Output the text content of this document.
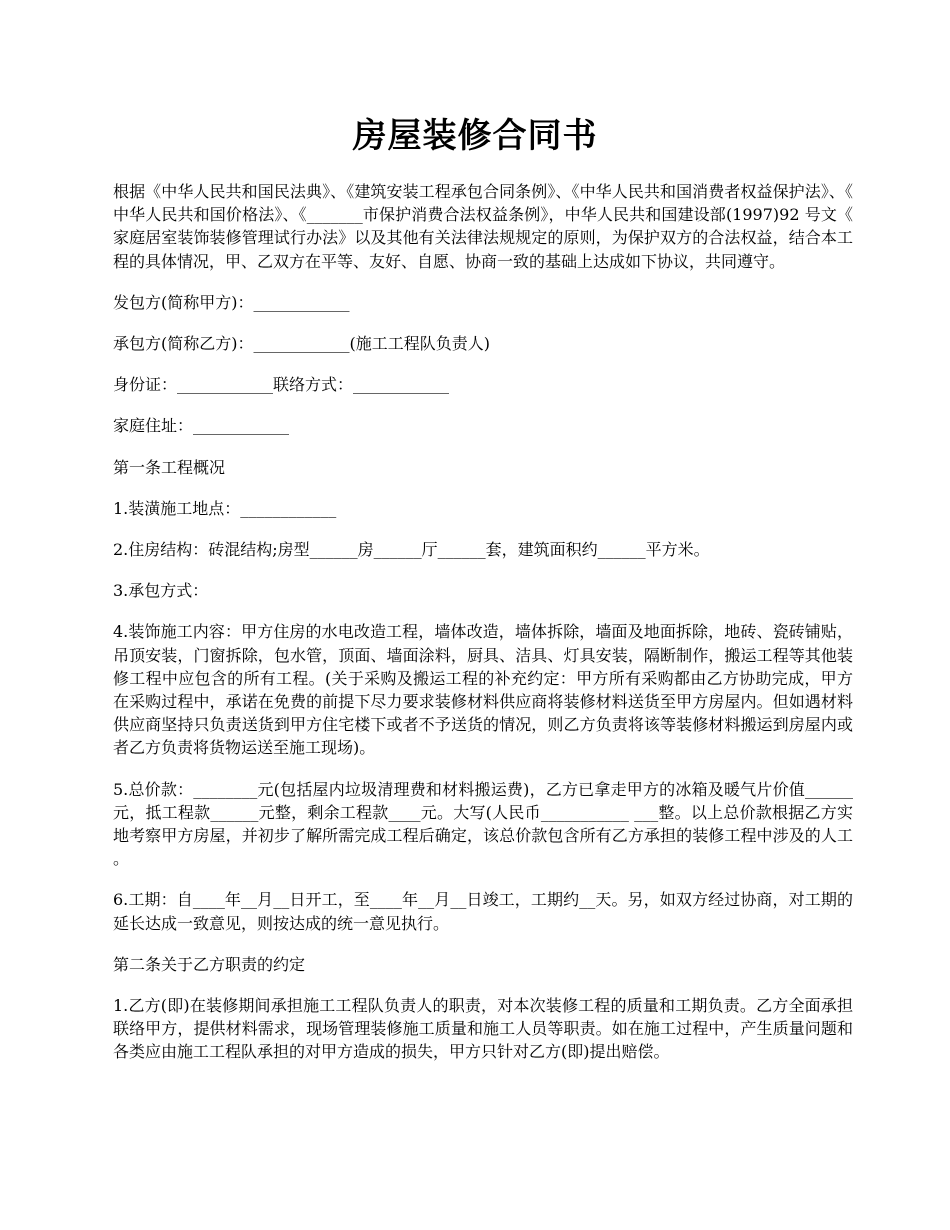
房屋装修合同书

根据《中华人民共和国民法典》、《建筑安装工程承包合同条例》、《中华人民共和国消费者权益保护法》、《中华人民共和国价格法》、《_______市保护消费合法权益条例》，中华人民共和国建设部(1997)92 号文《家庭居室装饰装修管理试行办法》以及其他有关法律法规规定的原则，为保护双方的合法权益，结合本工程的具体情况，甲、乙双方在平等、友好、自愿、协商一致的基础上达成如下协议，共同遵守。

发包方(简称甲方)：____________

承包方(简称乙方)：____________(施工工程队负责人)

身份证：____________联络方式：____________

家庭住址：____________

第一条工程概况

1.装潢施工地点：____________

2.住房结构：砖混结构;房型______房______厅______套，建筑面积约______平方米。

3.承包方式：

4.装饰施工内容：甲方住房的水电改造工程，墙体改造，墙体拆除，墙面及地面拆除，地砖、瓷砖铺贴，吊顶安装，门窗拆除，包水管，顶面、墙面涂料，厨具、洁具、灯具安装，隔断制作，搬运工程等其他装修工程中应包含的所有工程。(关于采购及搬运工程的补充约定：甲方所有采购都由乙方协助完成，甲方在采购过程中，承诺在免费的前提下尽力要求装修材料供应商将装修材料送货至甲方房屋内。但如遇材料供应商坚持只负责送货到甲方住宅楼下或者不予送货的情况，则乙方负责将该等装修材料搬运到房屋内或者乙方负责将货物运送至施工现场)。

5.总价款：________元(包括屋内垃圾清理费和材料搬运费)，乙方已拿走甲方的冰箱及暖气片价值______元，抵工程款______元整，剩余工程款____元。大写(人民币___________ ___整。以上总价款根据乙方实地考察甲方房屋，并初步了解所需完成工程后确定，该总价款包含所有乙方承担的装修工程中涉及的人工。

6.工期：自____年__月__日开工，至____年__月__日竣工，工期约__天。另，如双方经过协商，对工期的延长达成一致意见，则按达成的统一意见执行。

第二条关于乙方职责的约定

1.乙方(即)在装修期间承担施工工程队负责人的职责，对本次装修工程的质量和工期负责。乙方全面承担联络甲方，提供材料需求，现场管理装修施工质量和施工人员等职责。如在施工过程中，产生质量问题和各类应由施工工程队承担的对甲方造成的损失，甲方只针对乙方(即)提出赔偿。
